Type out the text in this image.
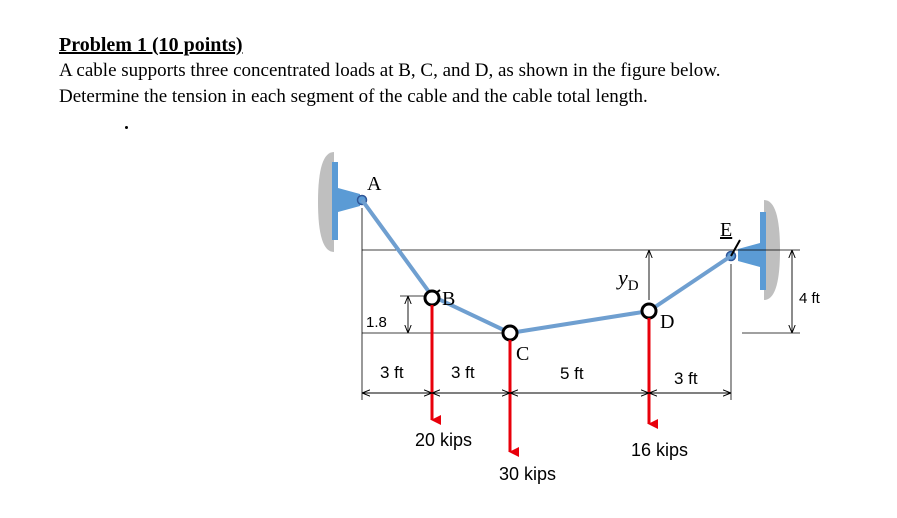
Problem 1 (10 points)
A cable supports three concentrated loads at B, C, and D, as shown in the figure below.
Determine the tension in each segment of the cable and the cable total length.
A
B
C
D
E
1.8
$y_D$
4 ft
3 ft	3 ft	5 ft	3 ft
20 kips
30 kips
16 kips
